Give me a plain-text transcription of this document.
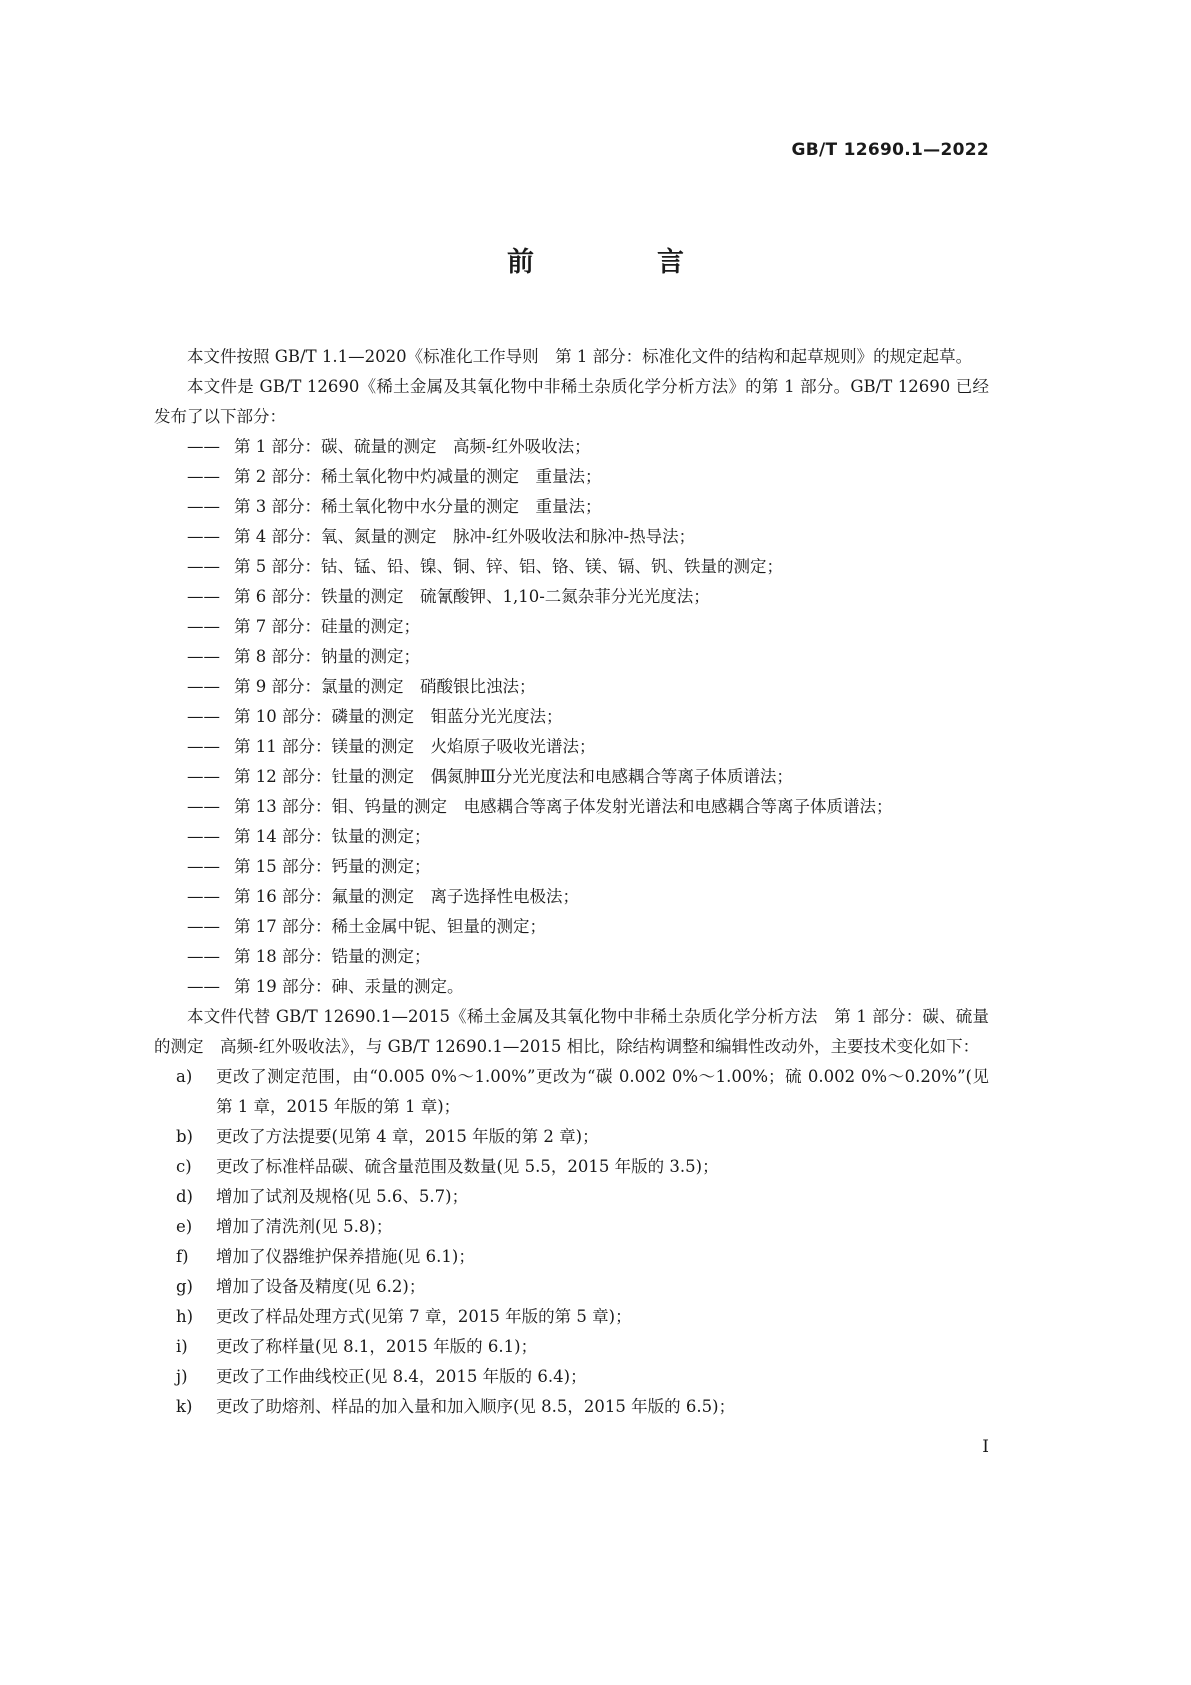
GB/T 12690.1—2022
前　言

本文件按照 GB/T 1.1—2020《标准化工作导则　第 1 部分：标准化文件的结构和起草规则》的规定起草。

本文件是 GB/T 12690《稀土金属及其氧化物中非稀土杂质化学分析方法》的第 1 部分。GB/T 12690 已经发布了以下部分：

—— 第 1 部分：碳、硫量的测定　高频-红外吸收法；
—— 第 2 部分：稀土氧化物中灼减量的测定　重量法；
—— 第 3 部分：稀土氧化物中水分量的测定　重量法；
—— 第 4 部分：氧、氮量的测定　脉冲-红外吸收法和脉冲-热导法；
—— 第 5 部分：钴、锰、铅、镍、铜、锌、铝、铬、镁、镉、钒、铁量的测定；
—— 第 6 部分：铁量的测定　硫氰酸钾、1,10-二氮杂菲分光光度法；
—— 第 7 部分：硅量的测定；
—— 第 8 部分：钠量的测定；
—— 第 9 部分：氯量的测定　硝酸银比浊法；
—— 第 10 部分：磷量的测定　钼蓝分光光度法；
—— 第 11 部分：镁量的测定　火焰原子吸收光谱法；
—— 第 12 部分：钍量的测定　偶氮胂Ⅲ分光光度法和电感耦合等离子体质谱法；
—— 第 13 部分：钼、钨量的测定　电感耦合等离子体发射光谱法和电感耦合等离子体质谱法；
—— 第 14 部分：钛量的测定；
—— 第 15 部分：钙量的测定；
—— 第 16 部分：氟量的测定　离子选择性电极法；
—— 第 17 部分：稀土金属中铌、钽量的测定；
—— 第 18 部分：锆量的测定；
—— 第 19 部分：砷、汞量的测定。

本文件代替 GB/T 12690.1—2015《稀土金属及其氧化物中非稀土杂质化学分析方法　第 1 部分：碳、硫量的测定　高频-红外吸收法》，与 GB/T 12690.1—2015 相比，除结构调整和编辑性改动外，主要技术变化如下：

a) 更改了测定范围，由“0.005 0%～1.00%”更改为“碳 0.002 0%～1.00%；硫 0.002 0%～0.20%”(见第 1 章，2015 年版的第 1 章)；
b) 更改了方法提要(见第 4 章，2015 年版的第 2 章)；
c) 更改了标准样品碳、硫含量范围及数量(见 5.5，2015 年版的 3.5)；
d) 增加了试剂及规格(见 5.6、5.7)；
e) 增加了清洗剂(见 5.8)；
f) 增加了仪器维护保养措施(见 6.1)；
g) 增加了设备及精度(见 6.2)；
h) 更改了样品处理方式(见第 7 章，2015 年版的第 5 章)；
i) 更改了称样量(见 8.1，2015 年版的 6.1)；
j) 更改了工作曲线校正(见 8.4，2015 年版的 6.4)；
k) 更改了助熔剂、样品的加入量和加入顺序(见 8.5，2015 年版的 6.5)；
I
